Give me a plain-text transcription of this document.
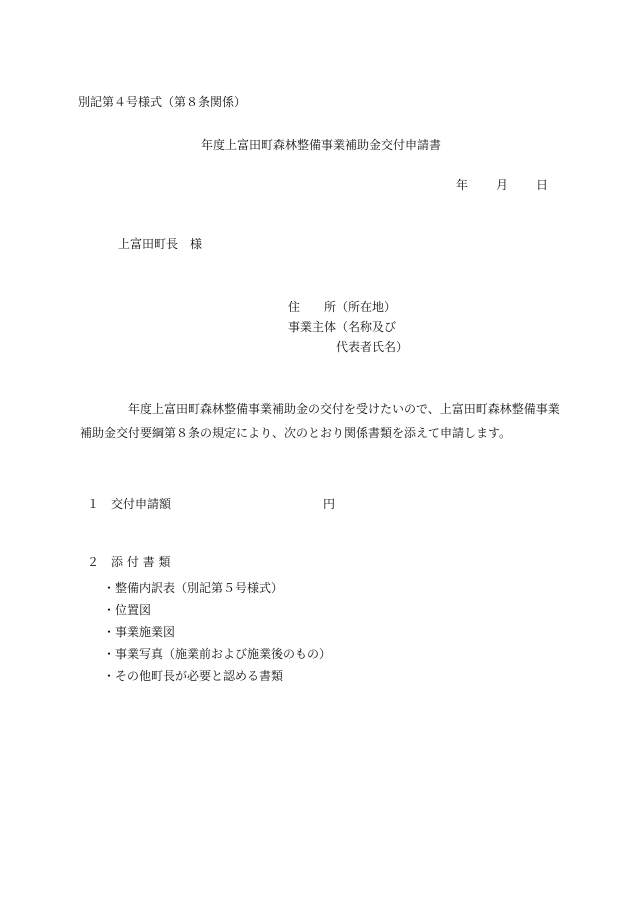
別記第４号様式（第８条関係）
年度上富田町森林整備事業補助金交付申請書
年 月 日
上富田町長　様
住　　所（所在地）
事業主体（名称及び
代表者氏名）
年度上富田町森林整備事業補助金の交付を受けたいので、上富田町森林整備事業
補助金交付要綱第８条の規定により、次のとおり関係書類を添えて申請します。
１　交付申請額	円
２　添 付 書 類
・整備内訳表（別記第５号様式）
・位置図
・事業施業図
・事業写真（施業前および施業後のもの）
・その他町長が必要と認める書類
